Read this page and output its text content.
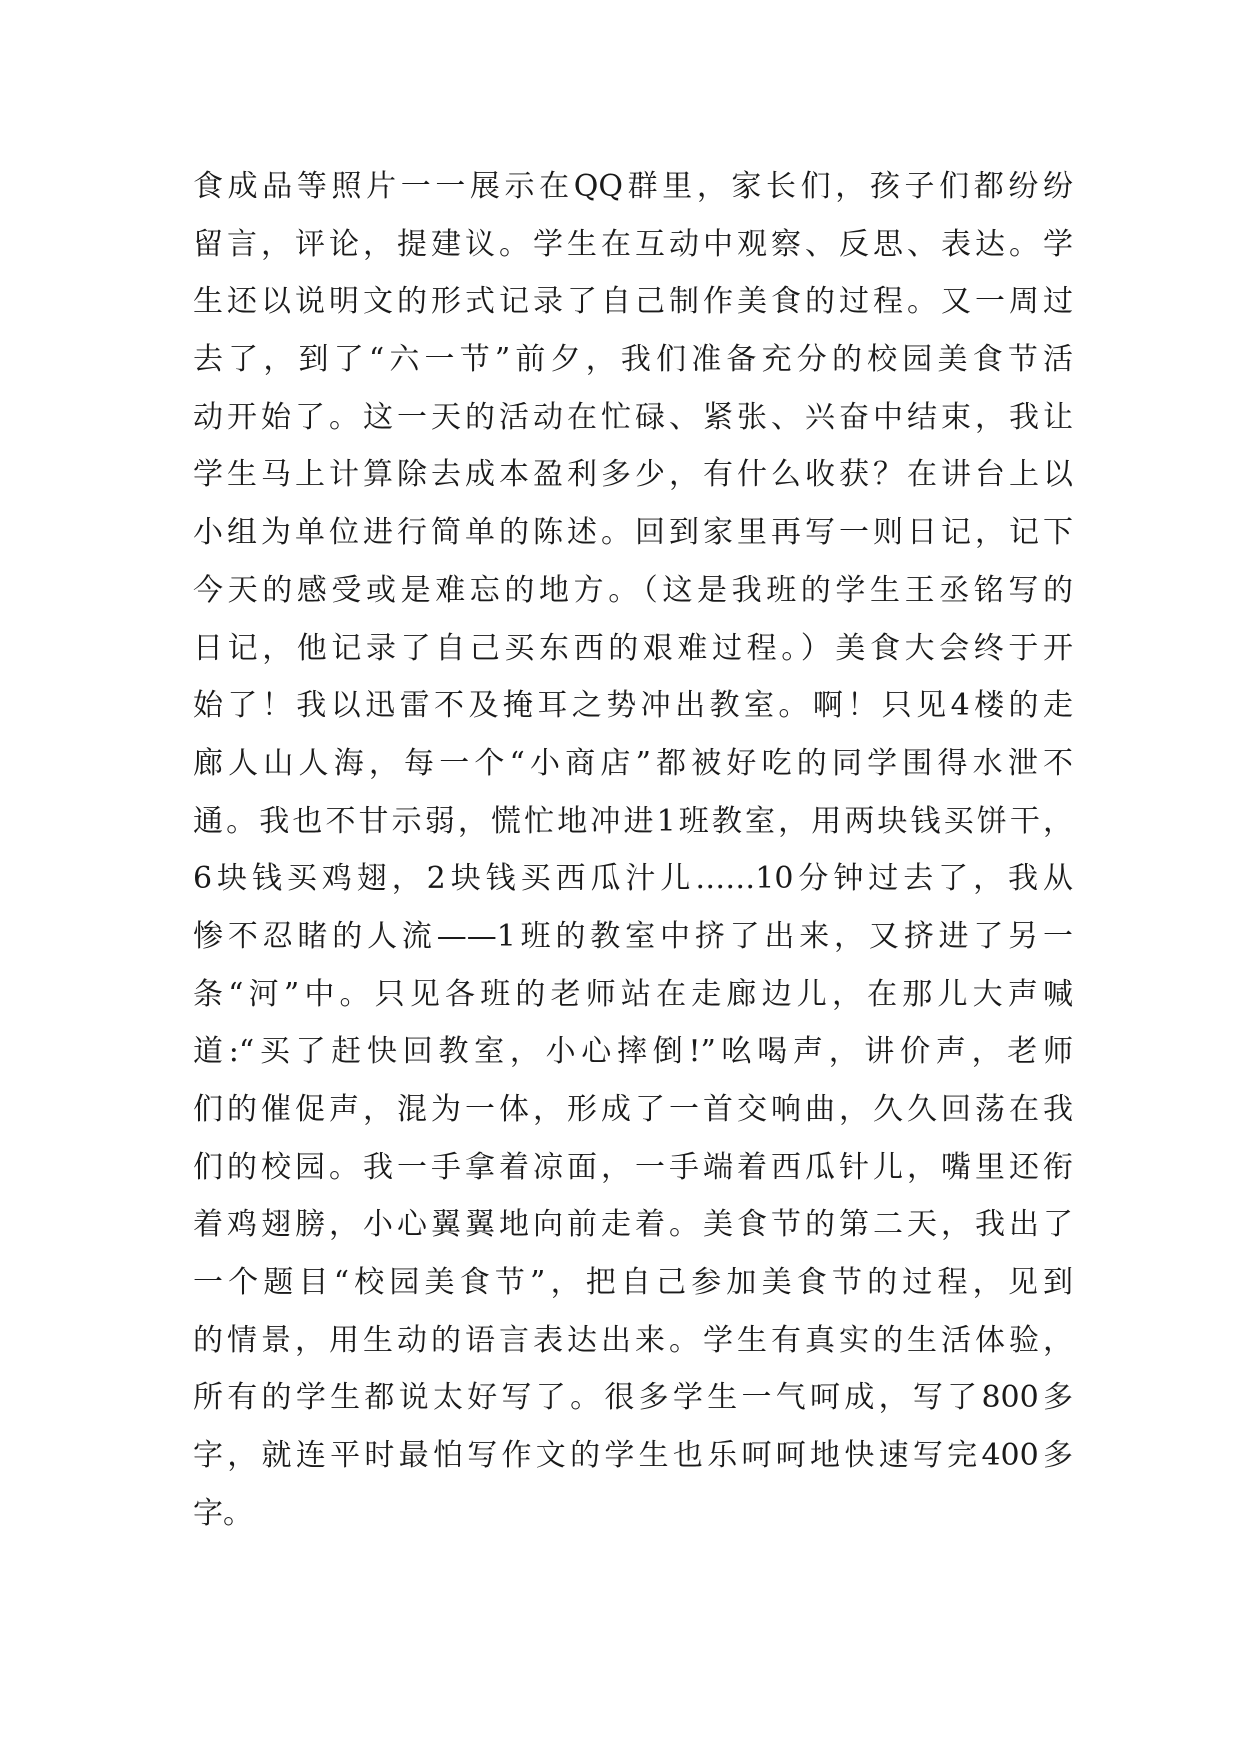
食成品等照片一一展示在QQ群里，家长们，孩子们都纷纷
留言，评论，提建议。学生在互动中观察、反思、表达。学
生还以说明文的形式记录了自己制作美食的过程。又一周过
去了，到了“六一节”前夕，我们准备充分的校园美食节活
动开始了。这一天的活动在忙碌、紧张、兴奋中结束，我让
学生马上计算除去成本盈利多少，有什么收获？在讲台上以
小组为单位进行简单的陈述。回到家里再写一则日记，记下
今天的感受或是难忘的地方。（这是我班的学生王丞铭写的
日记，他记录了自己买东西的艰难过程。）美食大会终于开
始了！我以迅雷不及掩耳之势冲出教室。啊！只见4楼的走
廊人山人海，每一个“小商店”都被好吃的同学围得水泄不
通。我也不甘示弱，慌忙地冲进1班教室，用两块钱买饼干，
6块钱买鸡翅，2块钱买西瓜汁儿……10分钟过去了，我从
惨不忍睹的人流——1班的教室中挤了出来，又挤进了另一
条“河”中。只见各班的老师站在走廊边儿，在那儿大声喊
道:“买了赶快回教室，小心摔倒!”吆喝声，讲价声，老师
们的催促声，混为一体，形成了一首交响曲，久久回荡在我
们的校园。我一手拿着凉面，一手端着西瓜针儿，嘴里还衔
着鸡翅膀，小心翼翼地向前走着。美食节的第二天，我出了
一个题目“校园美食节”，把自己参加美食节的过程，见到
的情景，用生动的语言表达出来。学生有真实的生活体验，
所有的学生都说太好写了。很多学生一气呵成，写了800多
字，就连平时最怕写作文的学生也乐呵呵地快速写完400多
字。
